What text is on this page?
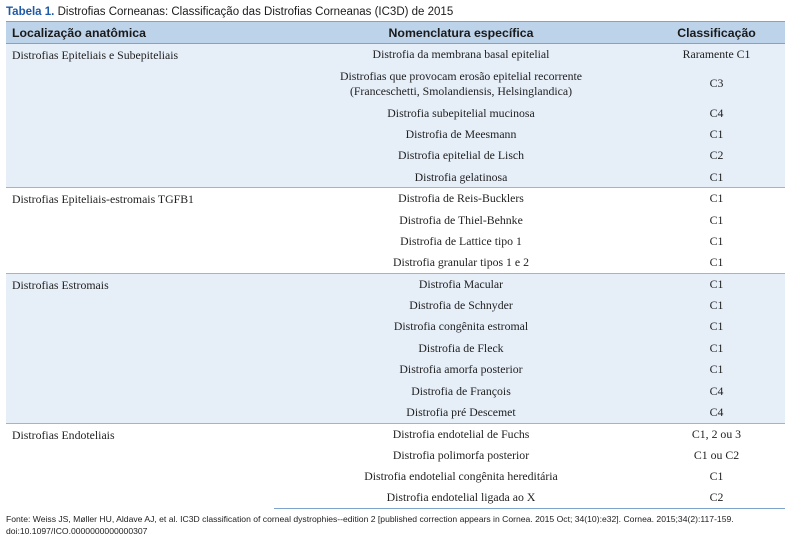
Tabela 1. Distrofias Corneanas: Classificação das Distrofias Corneanas (IC3D) de 2015
Localização anatômica	Nomenclatura específica	Classificação
Distrofias Epiteliais e Subepiteliais	Distrofia da membrana basal epitelial	Raramente C1

	Distrofias que provocam erosão epitelial recorrente
(Franceschetti, Smolandiensis, Helsinglandica)	C3
	Distrofia subepitelial mucinosa	C4
	Distrofia de Meesmann	C1
	Distrofia epitelial de Lisch	C2
	Distrofia gelatinosa	C1
Distrofias Epiteliais-estromais TGFB1	Distrofia de Reis-Bucklers	C1
	Distrofia de Thiel-Behnke	C1
	Distrofia de Lattice tipo 1	C1
	Distrofia granular tipos 1 e 2	C1
Distrofias Estromais	Distrofia Macular	C1
	Distrofia de Schnyder	C1
	Distrofia congênita estromal	C1
	Distrofia de Fleck	C1
	Distrofia amorfa posterior	C1
	Distrofia de François	C4
	Distrofia pré Descemet	C4
Distrofias Endoteliais	Distrofia endotelial de Fuchs	C1, 2 ou 3
	Distrofia polimorfa posterior	C1 ou C2
	Distrofia endotelial congênita hereditária	C1
	Distrofia endotelial ligada ao X	C2
Fonte: Weiss JS, Møller HU, Aldave AJ, et al. IC3D classification of corneal dystrophies--edition 2 [published correction appears in Cornea. 2015 Oct; 34(10):e32]. Cornea. 2015;34(2):117-159.
doi:10.1097/ICO.0000000000000307
